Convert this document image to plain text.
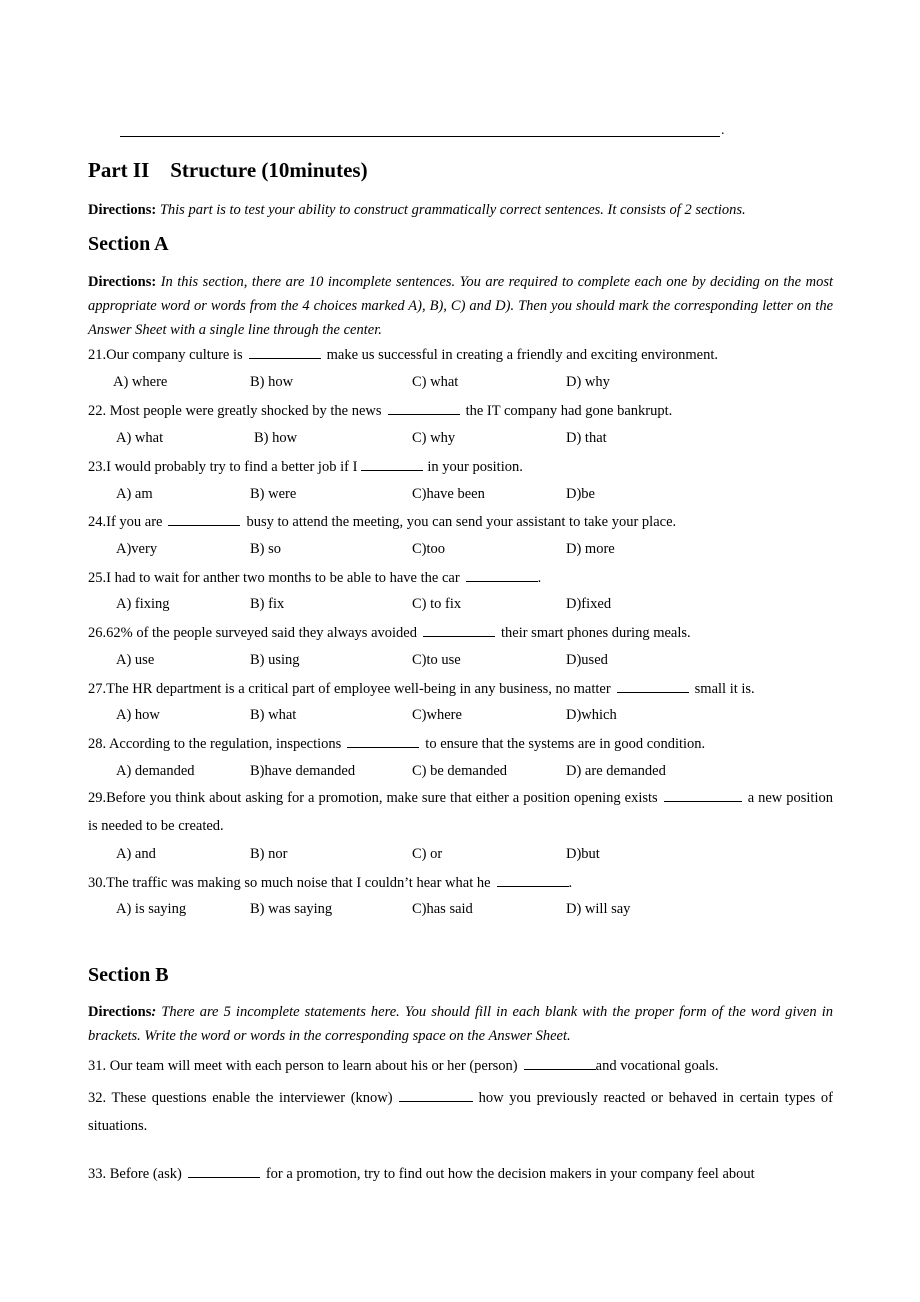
.
Part II    Structure (10minutes)
Directions: This part is to test your ability to construct grammatically correct sentences. It consists of 2 sections.
Section A
Directions: In this section, there are 10 incomplete sentences. You are required to complete each one by deciding on the most appropriate word or words from the 4 choices marked A), B), C) and D). Then you should mark the corresponding letter on the Answer Sheet with a single line through the center.
21.Our company culture is	make us successful in creating a friendly and exciting environment.
A) where	B) how	C) what	D) why
22. Most people were greatly shocked by the news	the IT company had gone bankrupt.
A) what	B) how	C) why	D) that
23.I would probably try to find a better job if I	in your position.
A) am	B) were	C)have been	D)be
24.If you are	busy to attend the meeting, you can send your assistant to take your place.
A)very	B) so	C)too	D) more
25.I had to wait for anther two months to be able to have the car	.
A) fixing	B) fix	C) to fix	D)fixed
26.62% of the people surveyed said they always avoided	their smart phones during meals.
A) use	B) using	C)to use	D)used
27.The HR department is a critical part of employee well-being in any business, no matter	small it is.
A) how	B) what	C)where	D)which
28. According to the regulation, inspections	to ensure that the systems are in good condition.
A) demanded	B)have demanded	C) be demanded	D) are demanded
29.Before you think about asking for a promotion, make sure that either a position opening exists	a new position is needed to be created.
A) and	B) nor	C) or	D)but
30.The traffic was making so much noise that I couldn’t hear what he	.
A) is saying	B) was saying	C)has said	D) will say
Section B
Directions: There are 5 incomplete statements here. You should fill in each blank with the proper form of the word given in brackets. Write the word or words in the corresponding space on the Answer Sheet.
31. Our team will meet with each person to learn about his or her (person)	and vocational goals.
32. These questions enable the interviewer (know)	how you previously reacted or behaved in certain types of situations.
33. Before (ask)	for a promotion, try to find out how the decision makers in your company feel about
